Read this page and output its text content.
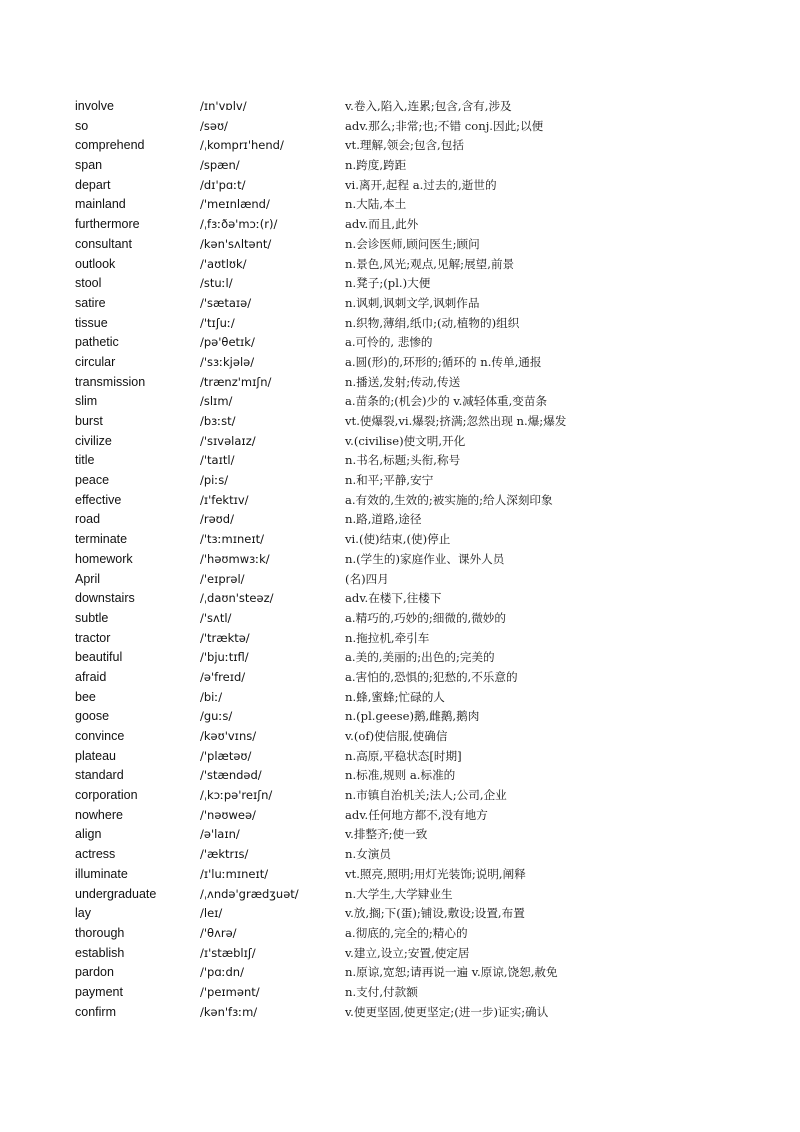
involve	/ɪn'vɒlv/	v.卷入,陷入,连累;包含,含有,涉及
so	/səʊ/	adv.那么;非常;也;不错 conj.因此;以便
comprehend	/ˌkomprɪ'hend/	vt.理解,领会;包含,包括
span	/spæn/	n.跨度,跨距
depart	/dɪ'pɑːt/	vi.离开,起程 a.过去的,逝世的
mainland	/'meɪnlænd/	n.大陆,本土
furthermore	/ˌfɜːðə'mɔː(r)/	adv.而且,此外
consultant	/kən'sʌltənt/	n.会诊医师,顾问医生;顾问
outlook	/'aʊtlʊk/	n.景色,风光;观点,见解;展望,前景
stool	/stuːl/	n.凳子;(pl.)大便
satire	/'sætaɪə/	n.讽刺,讽刺文学,讽刺作品
tissue	/'tɪʃuː/	n.织物,薄绢,纸巾;(动,植物的)组织
pathetic	/pə'θetɪk/	a.可怜的, 悲惨的
circular	/'sɜːkjələ/	a.圆(形)的,环形的;循环的 n.传单,通报
transmission	/trænz'mɪʃn/	n.播送,发射;传动,传送
slim	/slɪm/	a.苗条的;(机会)少的 v.减轻体重,变苗条
burst	/bɜːst/	vt.使爆裂,vi.爆裂;挤满;忽然出现 n.爆;爆发
civilize	/'sɪvəlaɪz/	v.(civilise)使文明,开化
title	/'taɪtl/	n.书名,标题;头衔,称号
peace	/piːs/	n.和平;平静,安宁
effective	/ɪ'fektɪv/	a.有效的,生效的;被实施的;给人深刻印象
road	/rəʊd/	n.路,道路,途径
terminate	/'tɜːmɪneɪt/	vi.(使)结束,(使)停止
homework	/'həʊmwɜːk/	n.(学生的)家庭作业、课外人员
April	/'eɪprəl/	(名)四月
downstairs	/ˌdaʊn'steəz/	adv.在楼下,往楼下
subtle	/'sʌtl/	a.精巧的,巧妙的;细微的,微妙的
tractor	/'træktə/	n.拖拉机,牵引车
beautiful	/'bjuːtɪfl/	a.美的,美丽的;出色的;完美的
afraid	/ə'freɪd/	a.害怕的,恐惧的;犯愁的,不乐意的
bee	/biː/	n.蜂,蜜蜂;忙碌的人
goose	/guːs/	n.(pl.geese)鹅,雌鹅,鹅肉
convince	/kəʊ'vɪns/	v.(of)使信服,使确信
plateau	/'plætəʊ/	n.高原,平稳状态[时期]
standard	/'stændəd/	n.标准,规则 a.标准的
corporation	/ˌkɔːpə'reɪʃn/	n.市镇自治机关;法人;公司,企业
nowhere	/'nəʊweə/	adv.任何地方都不,没有地方
align	/ə'laɪn/	v.排整齐;使一致
actress	/'æktrɪs/	n.女演员
illuminate	/ɪ'luːmɪneɪt/	vt.照亮,照明;用灯光装饰;说明,阐释
undergraduate	/ˌʌndə'grædʒuət/	n.大学生,大学肄业生
lay	/leɪ/	v.放,搁;下(蛋);铺设,敷设;设置,布置
thorough	/'θʌrə/	a.彻底的,完全的;精心的
establish	/ɪ'stæblɪʃ/	v.建立,设立;安置,使定居
pardon	/'pɑːdn/	n.原谅,宽恕;请再说一遍 v.原谅,饶恕,赦免
payment	/'peɪmənt/	n.支付,付款额
confirm	/kən'fɜːm/	v.使更坚固,使更坚定;(进一步)证实;确认
